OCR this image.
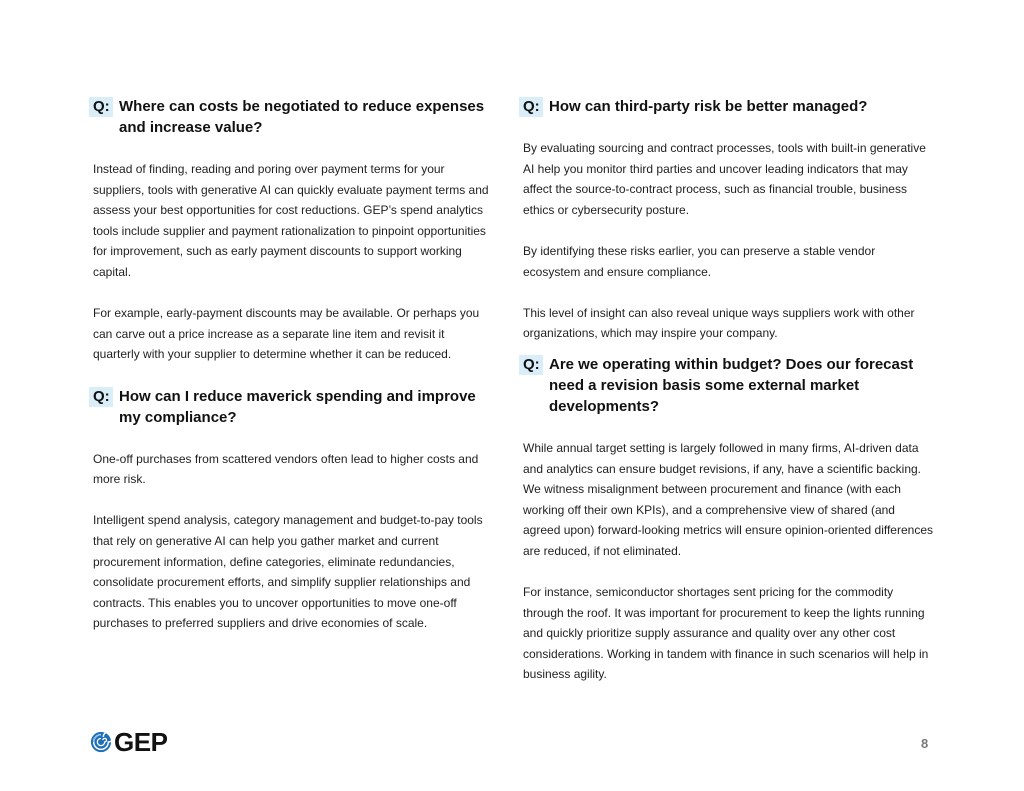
Q: Where can costs be negotiated to reduce expenses and increase value?

Instead of finding, reading and poring over payment terms for your suppliers, tools with generative AI can quickly evaluate payment terms and assess your best opportunities for cost reductions. GEP’s spend analytics tools include supplier and payment rationalization to pinpoint opportunities for improvement, such as early payment discounts to support working capital.

For example, early-payment discounts may be available. Or perhaps you can carve out a price increase as a separate line item and revisit it quarterly with your supplier to determine whether it can be reduced.

Q: How can I reduce maverick spending and improve my compliance?

One-off purchases from scattered vendors often lead to higher costs and more risk.

Intelligent spend analysis, category management and budget-to-pay tools that rely on generative AI can help you gather market and current procurement information, define categories, eliminate redundancies, consolidate procurement efforts, and simplify supplier relationships and contracts. This enables you to uncover opportunities to move one-off purchases to preferred suppliers and drive economies of scale.

Q: How can third-party risk be better managed?

By evaluating sourcing and contract processes, tools with built-in generative AI help you monitor third parties and uncover leading indicators that may affect the source-to-contract process, such as financial trouble, business ethics or cybersecurity posture.

By identifying these risks earlier, you can preserve a stable vendor ecosystem and ensure compliance.

This level of insight can also reveal unique ways suppliers work with other organizations, which may inspire your company.

Q: Are we operating within budget? Does our forecast need a revision basis some external market developments?

While annual target setting is largely followed in many firms, AI-driven data and analytics can ensure budget revisions, if any, have a scientific backing. We witness misalignment between procurement and finance (with each working off their own KPIs), and a comprehensive view of shared (and agreed upon) forward-looking metrics will ensure opinion-oriented differences are reduced, if not eliminated.

For instance, semiconductor shortages sent pricing for the commodity through the roof. It was important for procurement to keep the lights running and quickly prioritize supply assurance and quality over any other cost considerations. Working in tandem with finance in such scenarios will help in business agility.

GEP	8
